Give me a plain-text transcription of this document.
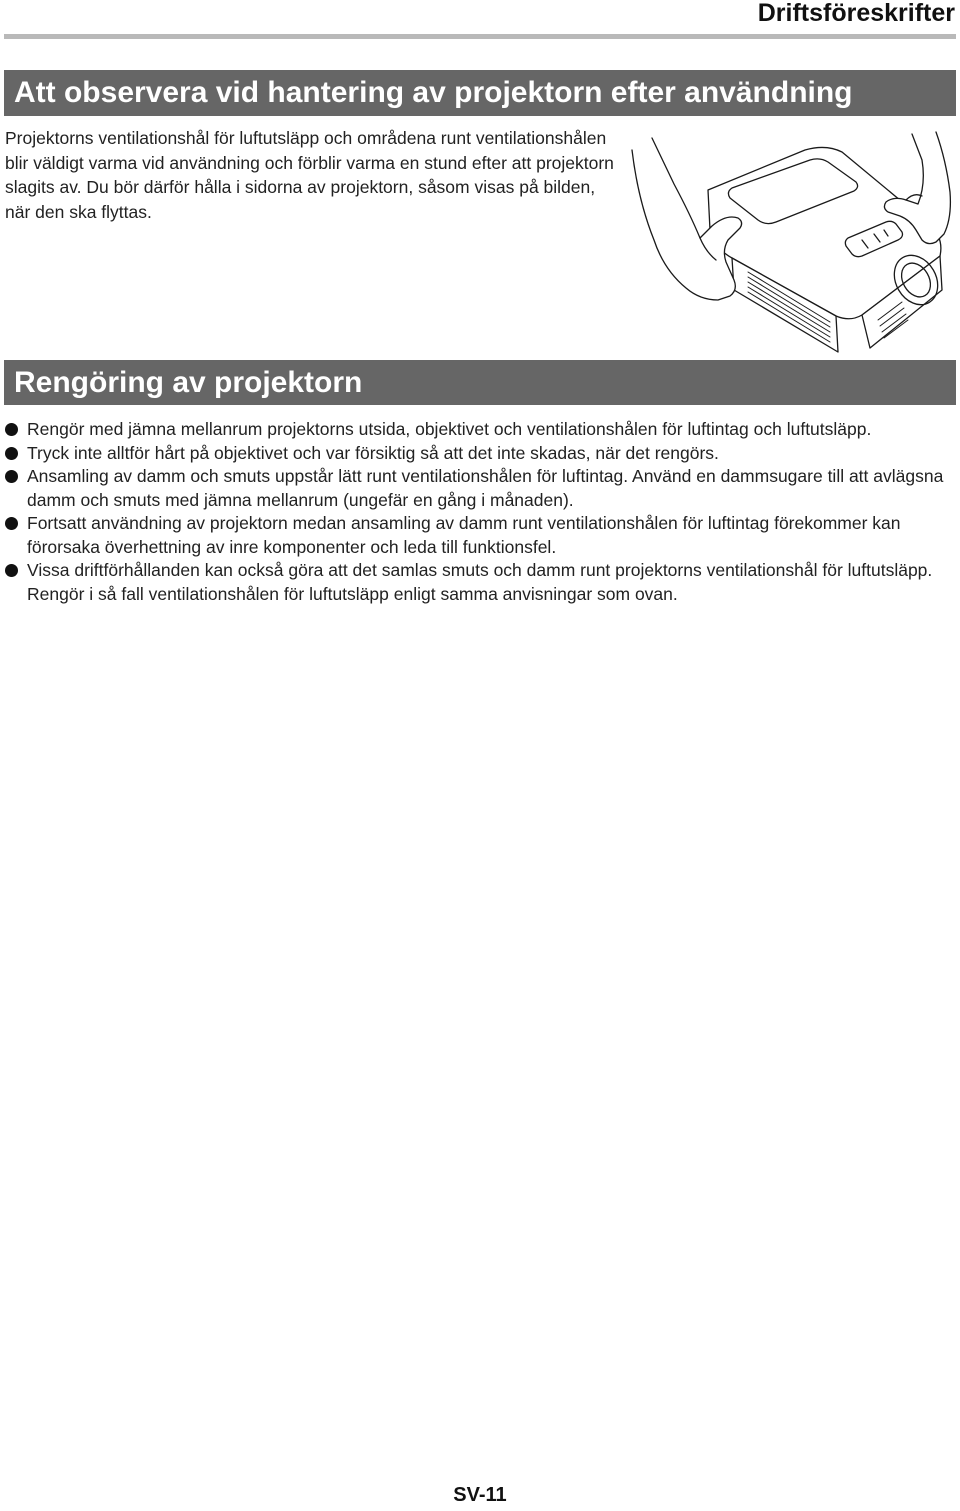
Driftsföreskrifter
Att observera vid hantering av projektorn efter användning

Projektorns ventilationshål för luftutsläpp och områdena runt ventilationshålen blir väldigt varma vid användning och förblir varma en stund efter att projektorn slagits av. Du bör därför hålla i sidorna av projektorn, såsom visas på bilden, när den ska flyttas.

Rengöring av projektorn
Rengör med jämna mellanrum projektorns utsida, objektivet och ventilationshålen för luftintag och luftutsläpp.
Tryck inte alltför hårt på objektivet och var försiktig så att det inte skadas, när det rengörs.
Ansamling av damm och smuts uppstår lätt runt ventilationshålen för luftintag. Använd en dammsugare till att avlägsna damm och smuts med jämna mellanrum (ungefär en gång i månaden).
Fortsatt användning av projektorn medan ansamling av damm runt ventilationshålen för luftintag förekommer kan förorsaka överhettning av inre komponenter och leda till funktionsfel.
Vissa driftförhållanden kan också göra att det samlas smuts och damm runt projektorns ventilationshål för luftutsläpp. Rengör i så fall ventilationshålen för luftutsläpp enligt samma anvisningar som ovan.
SV-11
